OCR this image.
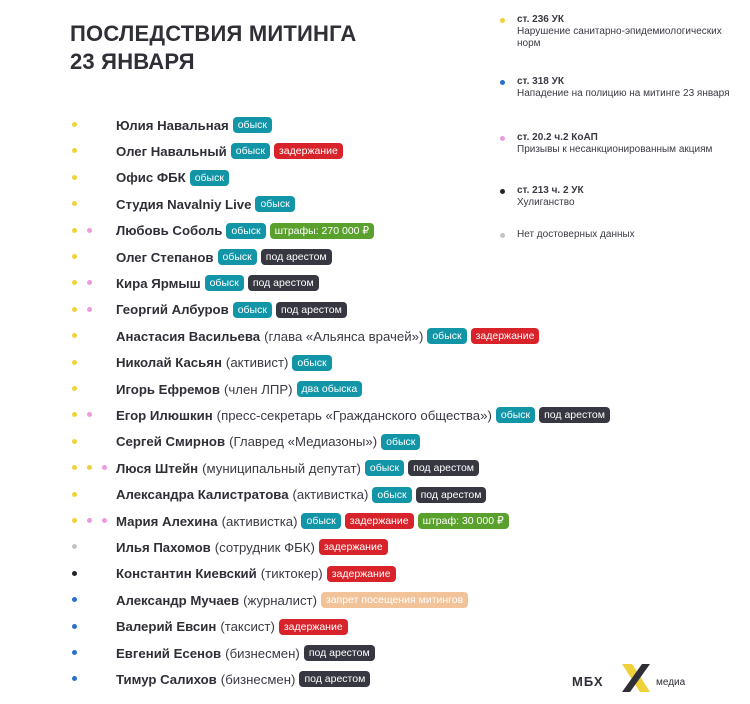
ПОСЛЕДСТВИЯ МИТИНГА
23 ЯНВАРЯ
ст. 236 УК
Нарушение санитарно-эпидемиологических норм
ст. 318 УК
Нападение на полицию на митинге 23 января
ст. 20.2 ч.2 КоАП
Призывы к несанкционированным акциям
ст. 213 ч. 2 УК
Хулиганство
Нет достоверных данных
Юлия Навальная обыск
Олег Навальный обыск	задержание
Офис ФБК обыск
Студия Navalniy Live обыск
Любовь Соболь обыск	штрафы: 270 000 ₽
Олег Степанов обыск	под арестом
Кира Ярмыш обыск	под арестом
Георгий Албуров обыск	под арестом
Анастасия Васильева (глава «Альянса врачей») обыск	задержание
Николай Касьян (активист) обыск
Игорь Ефремов (член ЛПР) два обыска
Егор Илюшкин (пресс-секретарь «Гражданского общества») обыск	под арестом
Сергей Смирнов (Главред «Медиазоны») обыск
Люся Штейн (муниципальный депутат) обыск	под арестом
Александра Калистратова (активистка) обыск	под арестом
Мария Алехина (активистка) обыск	задержание	штраф: 30 000 ₽
Илья Пахомов (сотрудник ФБК) задержание
Константин Киевский (тиктокер) задержание
Александр Мучаев (журналист) запрет посещения митингов
Валерий Евсин (таксист) задержание
Евгений Есенов (бизнесмен) под арестом
Тимур Салихов (бизнесмен) под арестом	МБХ	медиа
